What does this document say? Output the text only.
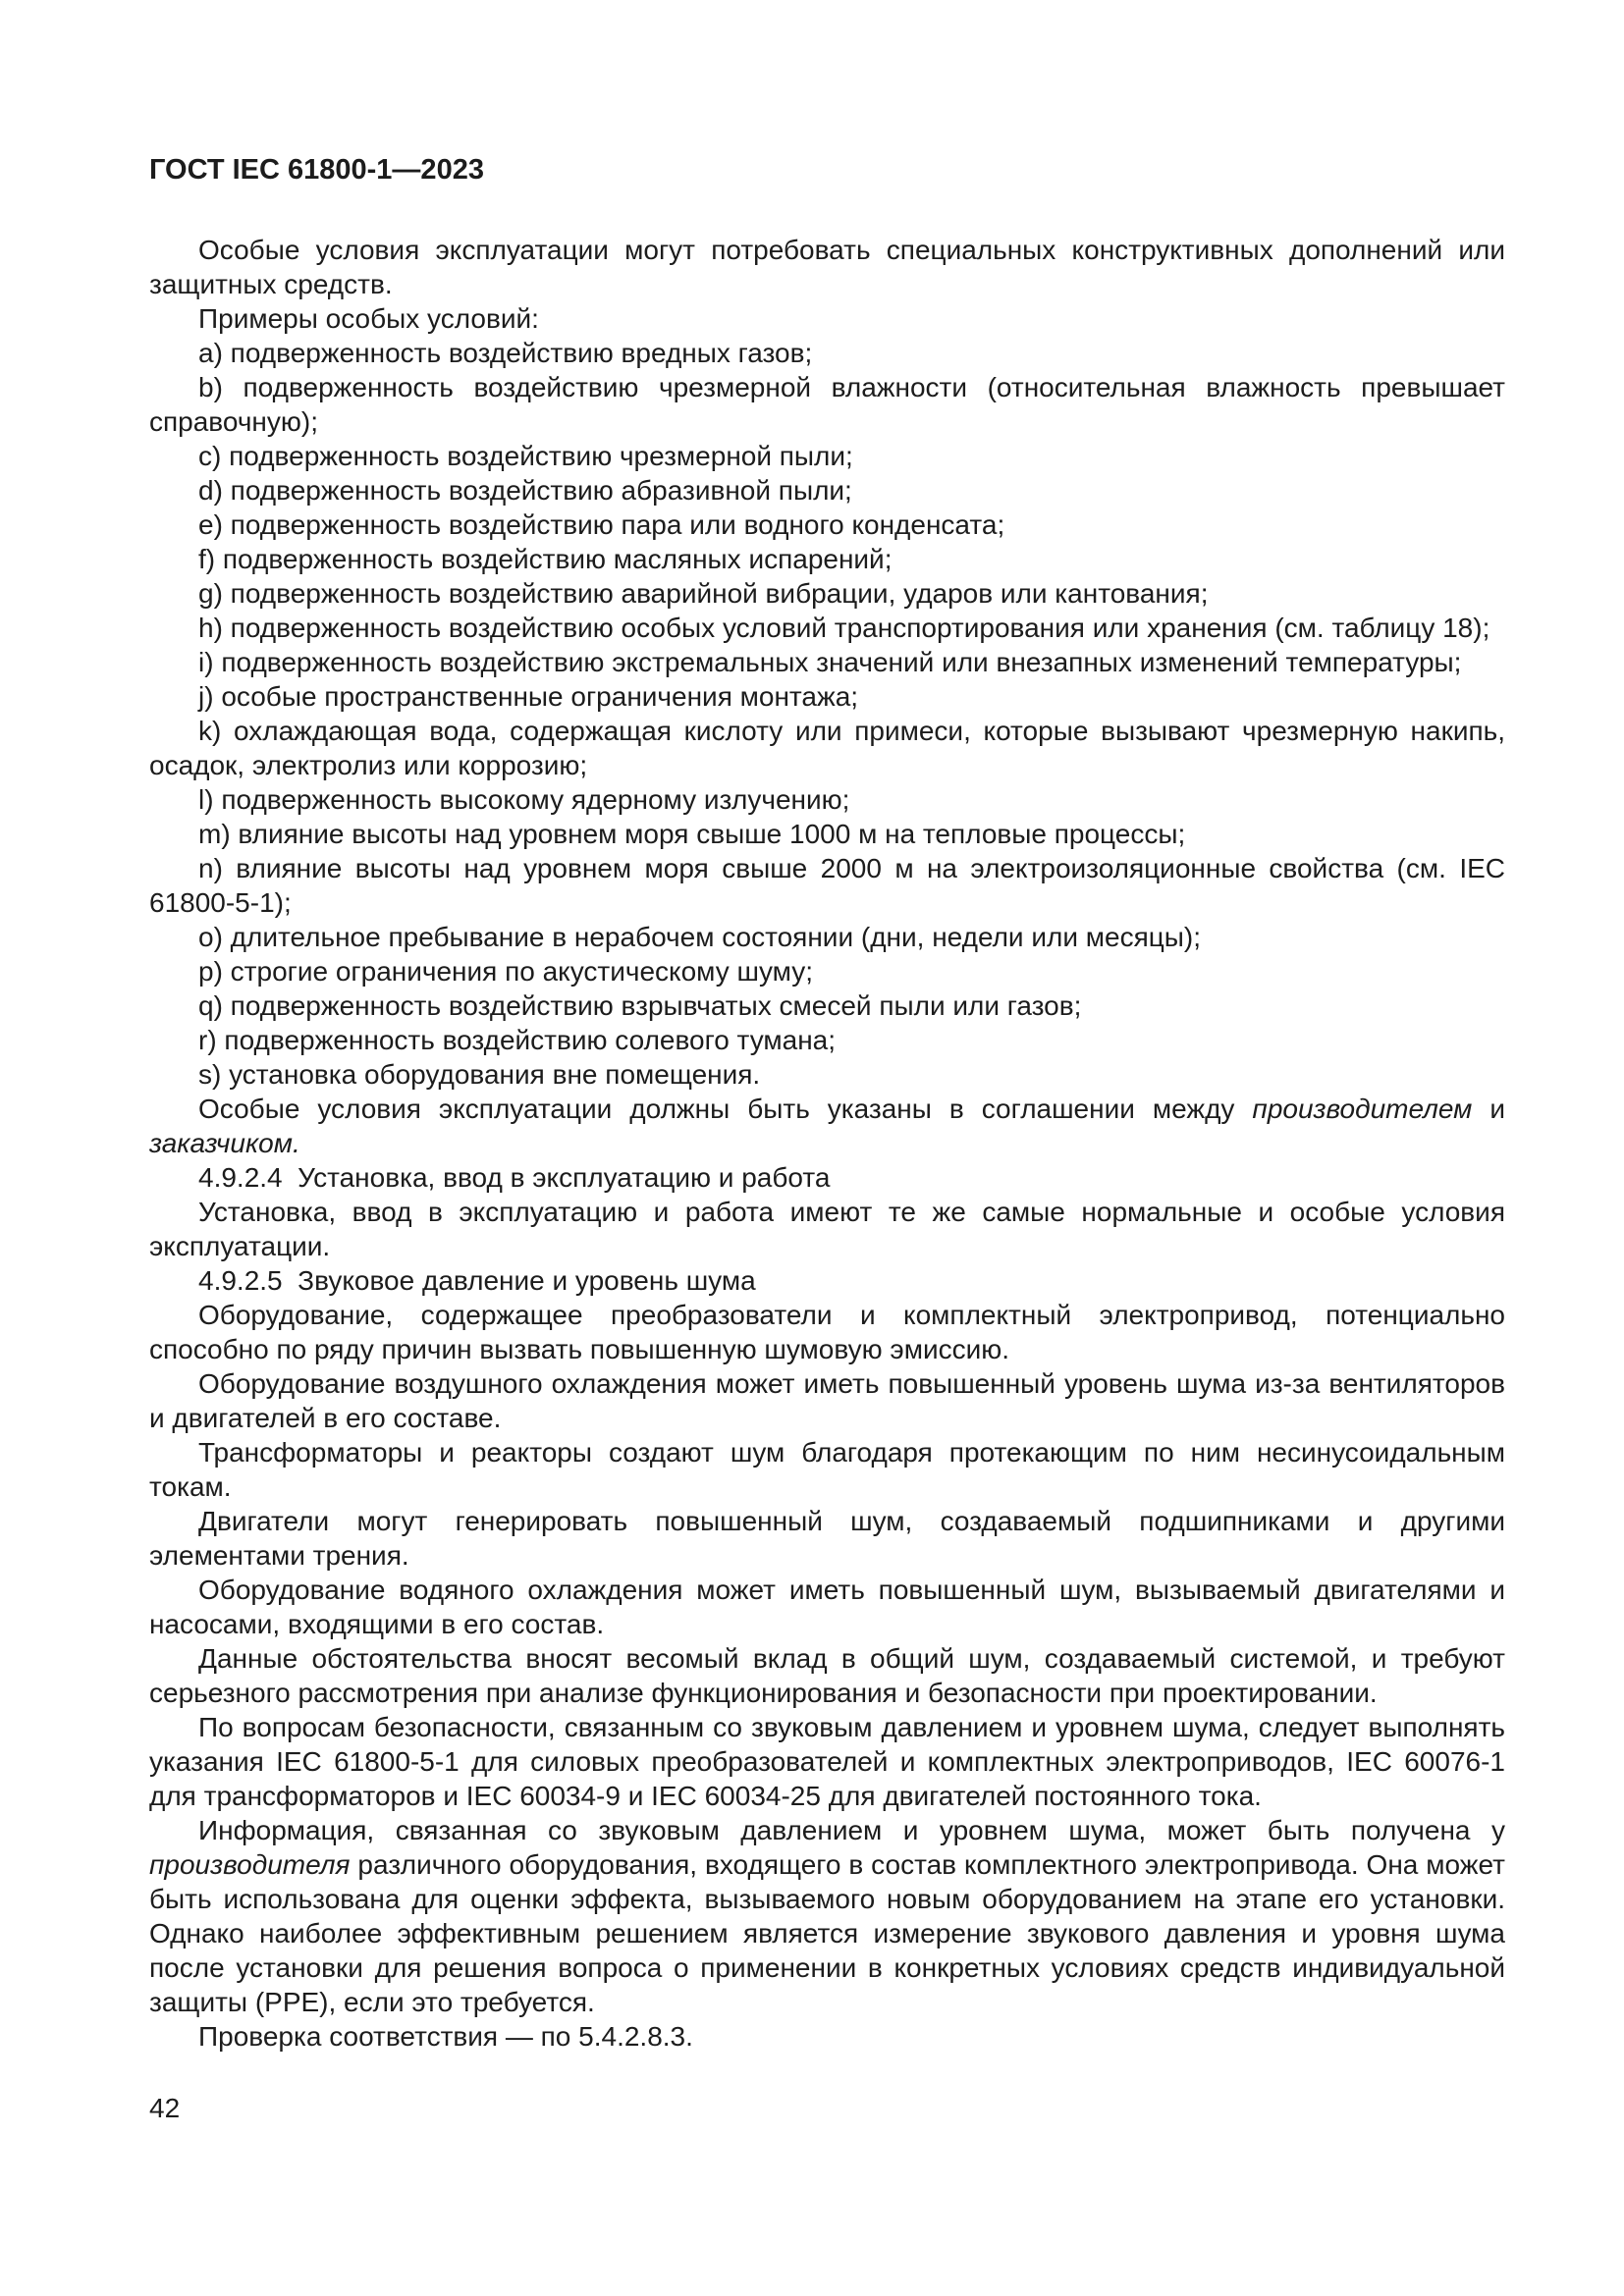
ГОСТ IEC 61800-1—2023

Особые условия эксплуатации могут потребовать специальных конструктивных дополнений или защитных средств.

Примеры особых условий:

a) подверженность воздействию вредных газов;

b) подверженность воздействию чрезмерной влажности (относительная влажность превышает справочную);

c) подверженность воздействию чрезмерной пыли;

d) подверженность воздействию абразивной пыли;

e) подверженность воздействию пара или водного конденсата;

f) подверженность воздействию масляных испарений;

g) подверженность воздействию аварийной вибрации, ударов или кантования;

h) подверженность воздействию особых условий транспортирования или хранения (см. таблицу 18);

i) подверженность воздействию экстремальных значений или внезапных изменений температуры;

j) особые пространственные ограничения монтажа;

k) охлаждающая вода, содержащая кислоту или примеси, которые вызывают чрезмерную накипь, осадок, электролиз или коррозию;

l) подверженность высокому ядерному излучению;

m) влияние высоты над уровнем моря свыше 1000 м на тепловые процессы;

n) влияние высоты над уровнем моря свыше 2000 м на электроизоляционные свойства (см. IEC 61800-5-1);

o) длительное пребывание в нерабочем состоянии (дни, недели или месяцы);

p) строгие ограничения по акустическому шуму;

q) подверженность воздействию взрывчатых смесей пыли или газов;

r) подверженность воздействию солевого тумана;

s) установка оборудования вне помещения.

Особые условия эксплуатации должны быть указаны в соглашении между производителем и заказчиком.

4.9.2.4  Установка, ввод в эксплуатацию и работа

Установка, ввод в эксплуатацию и работа имеют те же самые нормальные и особые условия эксплуатации.

4.9.2.5  Звуковое давление и уровень шума

Оборудование, содержащее преобразователи и комплектный электропривод, потенциально способно по ряду причин вызвать повышенную шумовую эмиссию.

Оборудование воздушного охлаждения может иметь повышенный уровень шума из-за вентиляторов и двигателей в его составе.

Трансформаторы и реакторы создают шум благодаря протекающим по ним несинусоидальным токам.

Двигатели могут генерировать повышенный шум, создаваемый подшипниками и другими элементами трения.

Оборудование водяного охлаждения может иметь повышенный шум, вызываемый двигателями и насосами, входящими в его состав.

Данные обстоятельства вносят весомый вклад в общий шум, создаваемый системой, и требуют серьезного рассмотрения при анализе функционирования и безопасности при проектировании.

По вопросам безопасности, связанным со звуковым давлением и уровнем шума, следует выполнять указания IEC 61800-5-1 для силовых преобразователей и комплектных электроприводов, IEC 60076-1 для трансформаторов и IEC 60034-9 и IEC 60034-25 для двигателей постоянного тока.

Информация, связанная со звуковым давлением и уровнем шума, может быть получена у производителя различного оборудования, входящего в состав комплектного электропривода. Она может быть использована для оценки эффекта, вызываемого новым оборудованием на этапе его установки. Однако наиболее эффективным решением является измерение звукового давления и уровня шума после установки для решения вопроса о применении в конкретных условиях средств индивидуальной защиты (PPE), если это требуется.

Проверка соответствия — по 5.4.2.8.3.

42
